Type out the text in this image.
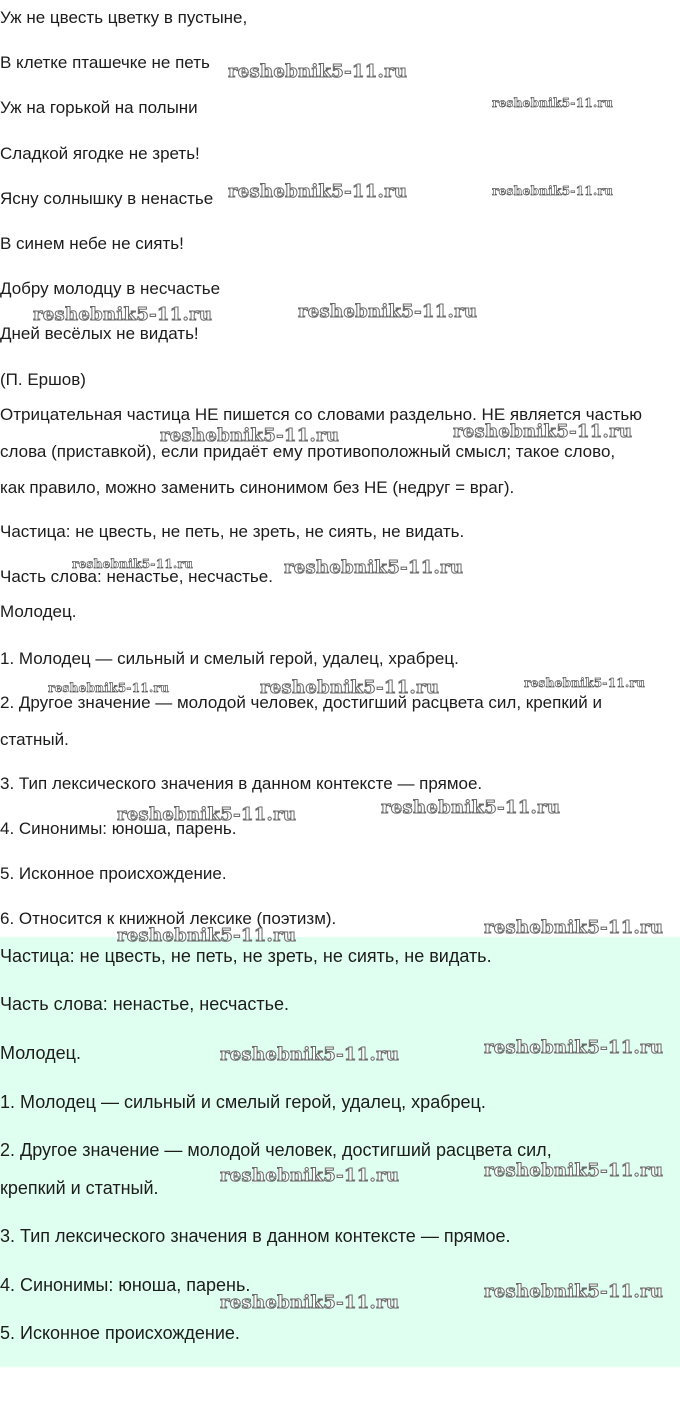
Уж не цвесть цветку в пустыне,
В клетке пташечке не петь
Уж на горькой на полыни
Сладкой ягодке не зреть!
Ясну солнышку в ненастье
В синем небе не сиять!
Добру молодцу в несчастье
Дней весёлых не видать!
(П. Ершов)
Отрицательная частица НЕ пишется со словами раздельно. НЕ является частью
слова (приставкой), если придаёт ему противоположный смысл; такое слово,
как правило, можно заменить синонимом без НЕ (недруг = враг).
Частица: не цвесть, не петь, не зреть, не сиять, не видать.
Часть слова: ненастье, несчастье.
Молодец.
1. Молодец — сильный и смелый герой, удалец, храбрец.
2. Другое значение — молодой человек, достигший расцвета сил, крепкий и
статный.
3. Тип лексического значения в данном контексте — прямое.
4. Синонимы: юноша, парень.
5. Исконное происхождение.
6. Относится к книжной лексике (поэтизм).
Частица: не цвесть, не петь, не зреть, не сиять, не видать.
Часть слова: ненастье, несчастье.
Молодец.
1. Молодец — сильный и смелый герой, удалец, храбрец.
2. Другое значение — молодой человек, достигший расцвета сил,
крепкий и статный.
3. Тип лексического значения в данном контексте — прямое.
4. Синонимы: юноша, парень.
5. Исконное происхождение.
reshebnik5-11.ru
reshebnik5-11.ru
reshebnik5-11.ru	reshebnik5-11.ru
reshebnik5-11.ru	reshebnik5-11.ru
reshebnik5-11.ru	reshebnik5-11.ru
reshebnik5-11.ru	reshebnik5-11.ru
reshebnik5-11.ru	reshebnik5-11.ru	reshebnik5-11.ru
reshebnik5-11.ru	reshebnik5-11.ru
reshebnik5-11.ru	reshebnik5-11.ru
reshebnik5-11.ru	reshebnik5-11.ru
reshebnik5-11.ru	reshebnik5-11.ru
reshebnik5-11.ru
reshebnik5-11.ru
